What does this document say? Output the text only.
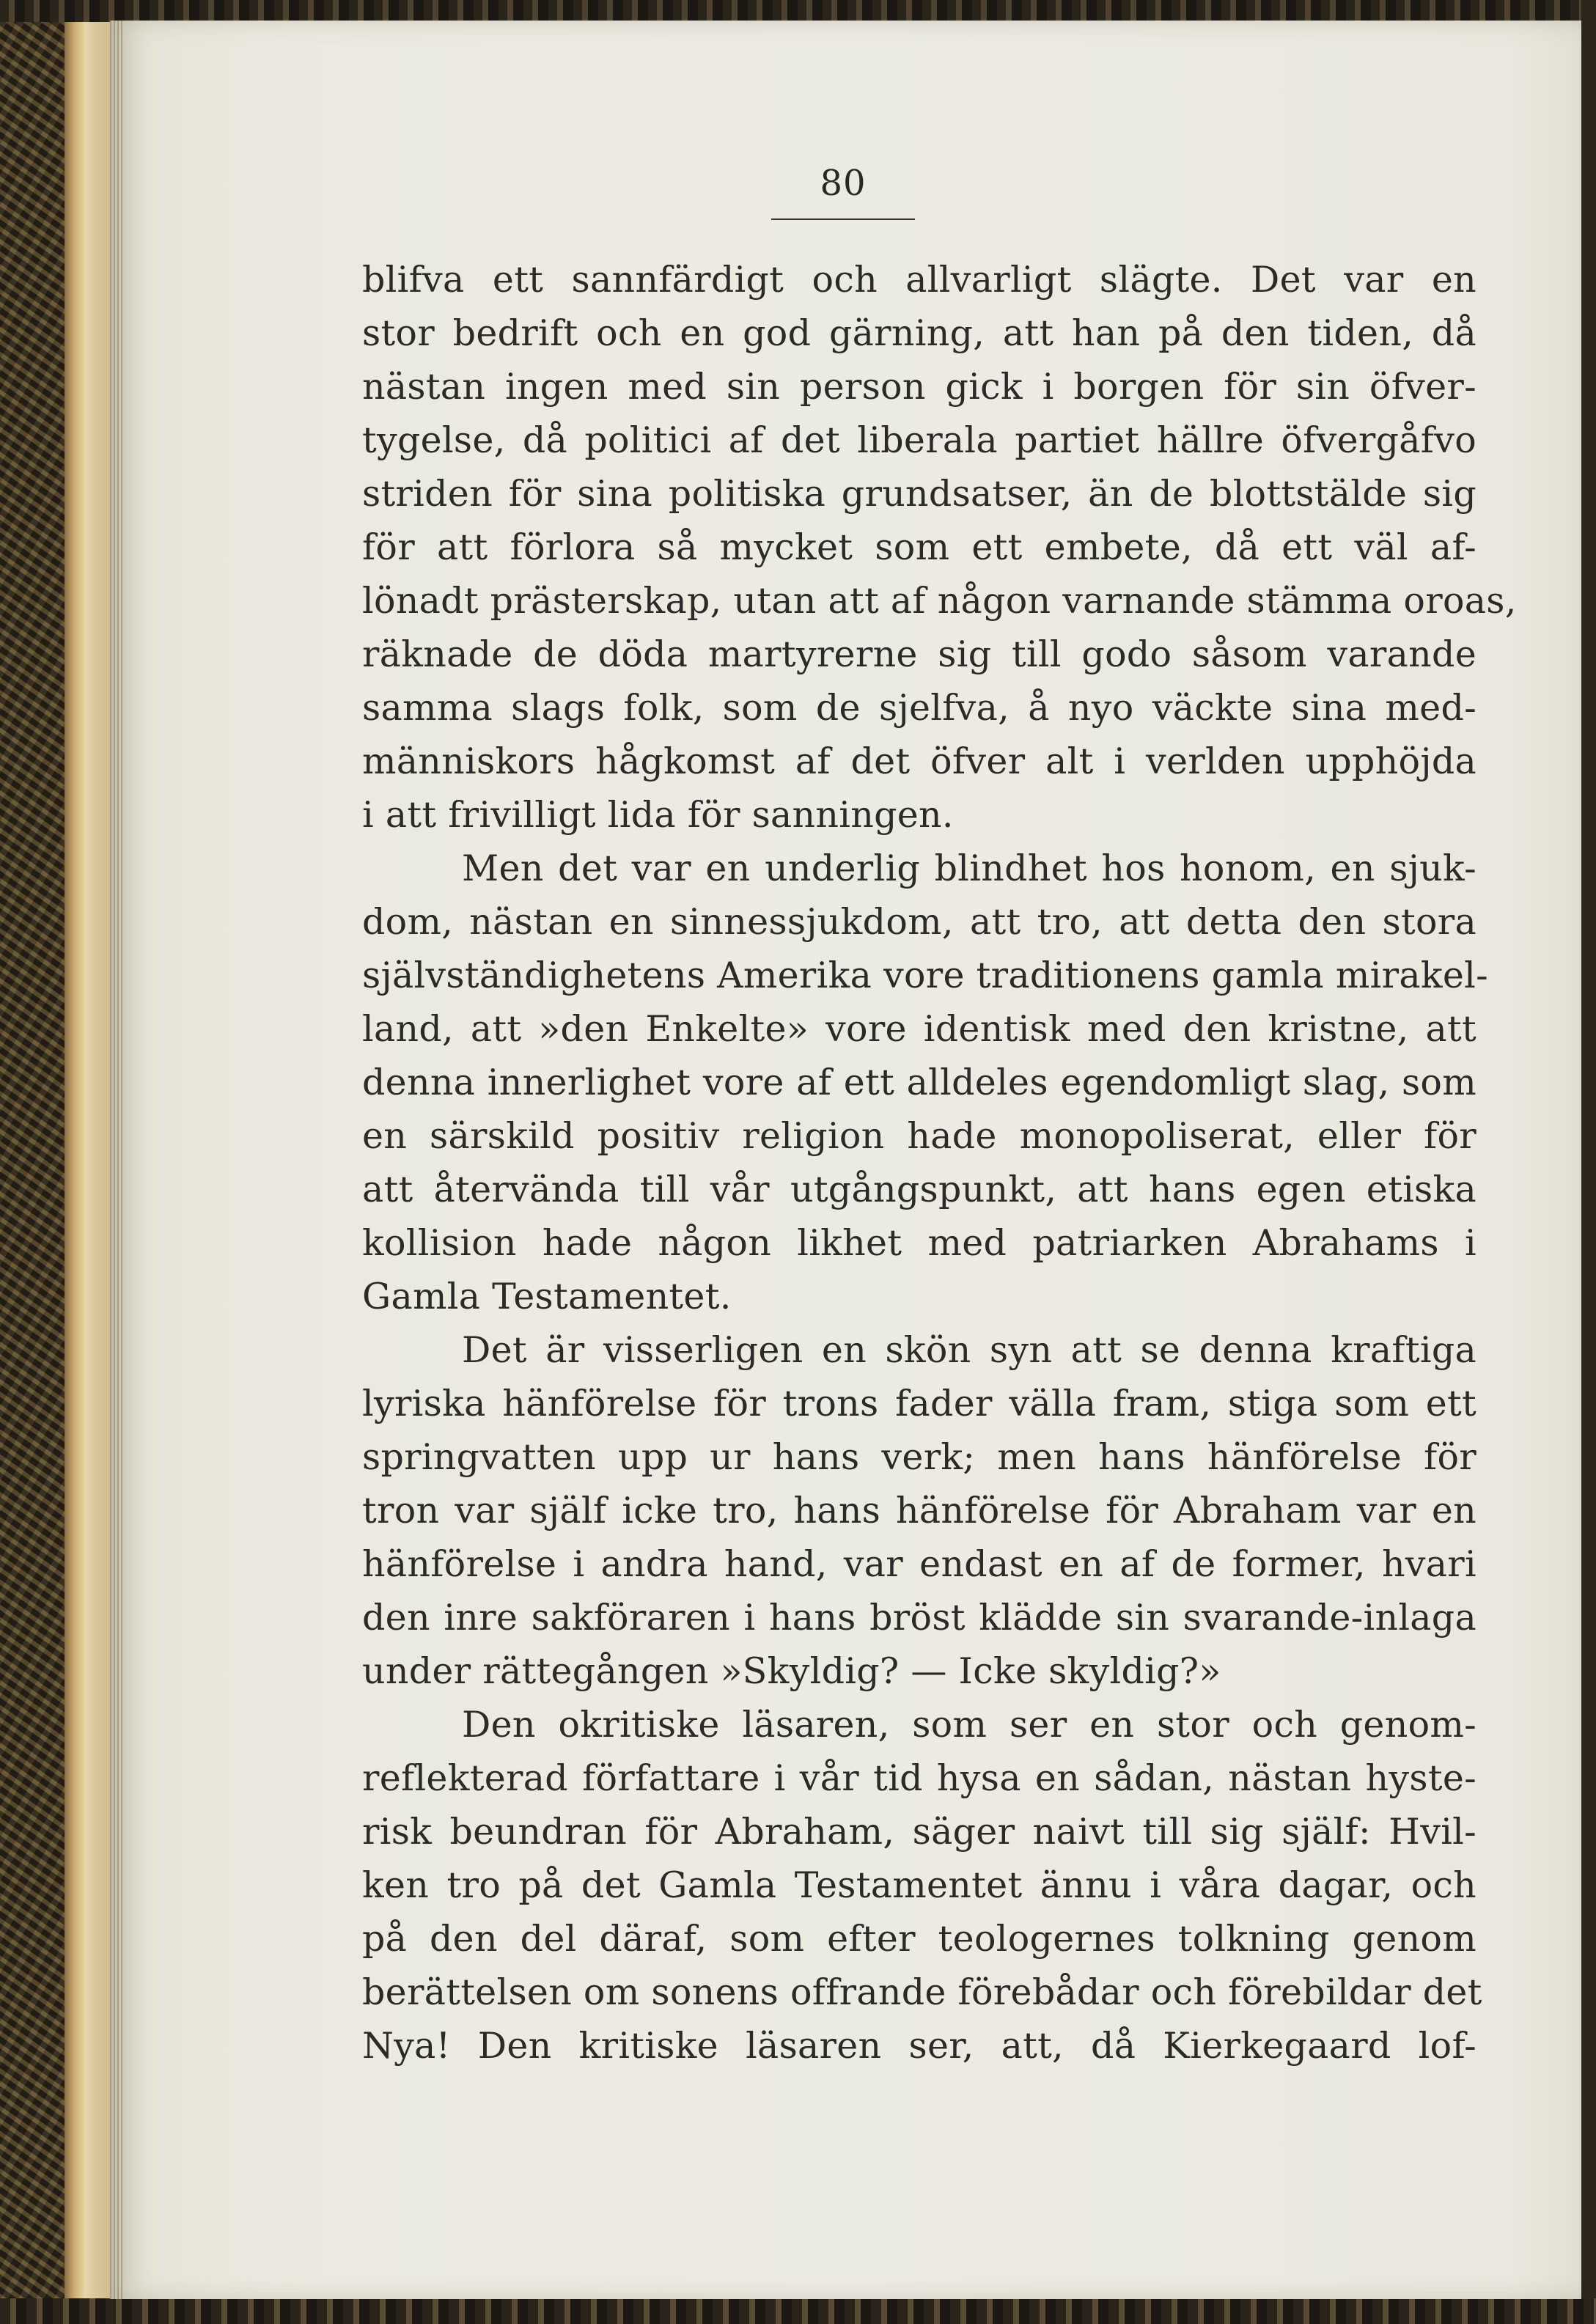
80
blifva ett sannfärdigt och allvarligt slägte. Det var en
stor bedrift och en god gärning, att han på den tiden, då
nästan ingen med sin person gick i borgen för sin öfver-
tygelse, då politici af det liberala partiet hällre öfvergåfvo
striden för sina politiska grundsatser, än de blottstälde sig
för att förlora så mycket som ett embete, då ett väl af-
lönadt prästerskap, utan att af någon varnande stämma oroas,
räknade de döda martyrerne sig till godo såsom varande
samma slags folk, som de sjelfva, å nyo väckte sina med-
människors hågkomst af det öfver alt i verlden upphöjda
i att frivilligt lida för sanningen.
Men det var en underlig blindhet hos honom, en sjuk-
dom, nästan en sinnessjukdom, att tro, att detta den stora
självständighetens Amerika vore traditionens gamla mirakel-
land, att »den Enkelte» vore identisk med den kristne, att
denna innerlighet vore af ett alldeles egendomligt slag, som
en särskild positiv religion hade monopoliserat, eller för
att återvända till vår utgångspunkt, att hans egen etiska
kollision hade någon likhet med patriarken Abrahams i
Gamla Testamentet.
Det är visserligen en skön syn att se denna kraftiga
lyriska hänförelse för trons fader välla fram, stiga som ett
springvatten upp ur hans verk; men hans hänförelse för
tron var själf icke tro, hans hänförelse för Abraham var en
hänförelse i andra hand, var endast en af de former, hvari
den inre sakföraren i hans bröst klädde sin svarande-inlaga
under rättegången »Skyldig? — Icke skyldig?»
Den okritiske läsaren, som ser en stor och genom-
reflekterad författare i vår tid hysa en sådan, nästan hyste-
risk beundran för Abraham, säger naivt till sig själf: Hvil-
ken tro på det Gamla Testamentet ännu i våra dagar, och
på den del däraf, som efter teologernes tolkning genom
berättelsen om sonens offrande förebådar och förebildar det
Nya! Den kritiske läsaren ser, att, då Kierkegaard lof-
